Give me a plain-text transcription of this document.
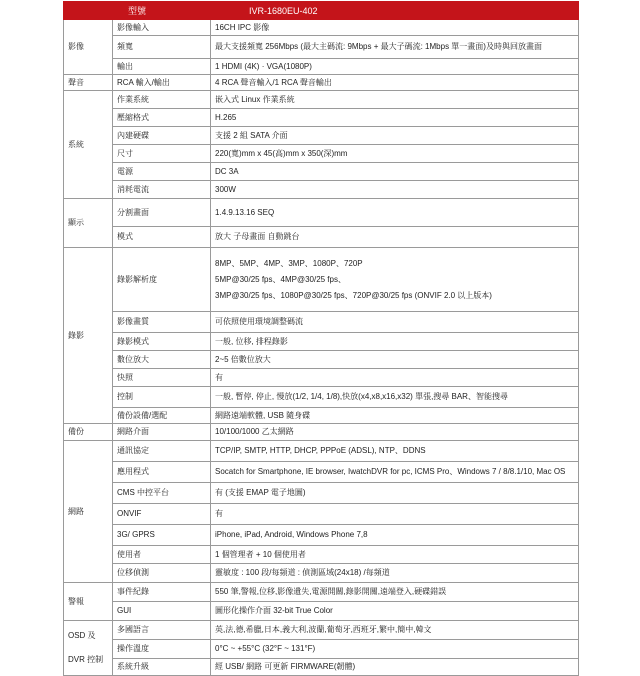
型號		IVR-1680EU-402

影像	影像輸入	16CH IPC 影像
	頻寬	最大支援頻寬 256Mbps (最大主碼流: 9Mbps + 最大子碼流: 1Mbps 單一畫面)及時與回放畫面
	輸出	1 HDMI (4K) · VGA(1080P)

聲音	RCA 輸入/輸出	4 RCA 聲音輸入/1 RCA 聲音輸出

系統	作業系統	嵌入式 Linux 作業系統
	壓縮格式	H.265
	內建硬碟	支援 2 組 SATA 介面
	尺寸	220(寬)mm x 45(高)mm x 350(深)mm
	電源	DC 3A
	消耗電流	300W

顯示	分割畫面	1.4.9.13.16 SEQ
	模式	放大 子母畫面 自動跳台

錄影	錄影解析度	8MP、5MP、4MP、3MP、1080P、720P
5MP@30/25 fps、4MP@30/25 fps、
3MP@30/25 fps、1080P@30/25 fps、720P@30/25 fps (ONVIF 2.0 以上版本)

	影像畫質	可依照使用環境調整碼流
	錄影模式	一般, 位移, 排程錄影
	數位放大	2~5 倍數位放大
	快照	有
	控制	一般, 暫停, 停止, 慢放(1/2, 1/4, 1/8),快放(x4,x8,x16,x32) 單張,搜尋 BAR、智能搜尋
	備份設備/選配	網路遠端軟體, USB 隨身碟

備份	網路介面	10/100/1000 乙太網路

網路	通訊協定	TCP/IP, SMTP, HTTP, DHCP, PPPoE (ADSL), NTP、DDNS
	應用程式	Socatch for Smartphone, IE browser, IwatchDVR for pc, ICMS Pro、Windows 7 / 8/8.1/10, Mac OS
	CMS 中控平台	有 (支援 EMAP 電子地圖)
	ONVIF	有
	3G/ GPRS	iPhone, iPad, Android, Windows Phone 7,8
	使用者	1 個管理者 + 10 個使用者
	位移偵測	靈敏度 : 100 段/每頻道 : 偵測區域(24x18) /每頻道

警報	事件紀錄	550 筆,警報,位移,影像遺失,電源開關,錄影開關,遠端登入,硬碟錯誤
	GUI	圖形化操作介面 32-bit True Color

OSD 及
DVR 控制	多國語言	英,法,德,希臘,日本,義大利,波蘭,葡萄牙,西班牙,繁中,簡中,韓文
	操作溫度	0°C ~ +55°C (32°F ~ 131°F)
	系統升級	經 USB/ 網路 可更新 FIRMWARE(韌體)
